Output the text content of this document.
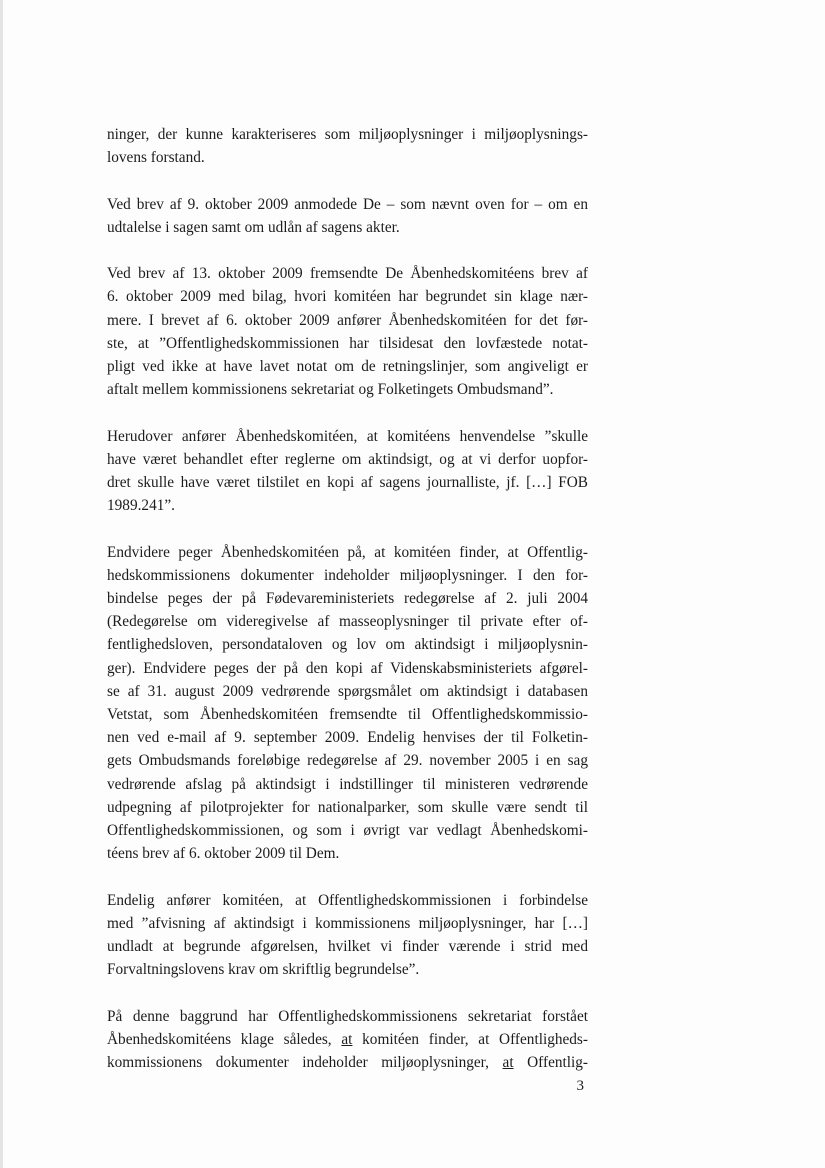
ninger, der kunne karakteriseres som miljøoplysninger i miljøoplysnings-
lovens forstand.

Ved brev af 9. oktober 2009 anmodede De – som nævnt oven for – om en
udtalelse i sagen samt om udlån af sagens akter.

Ved brev af 13. oktober 2009 fremsendte De Åbenhedskomitéens brev af
6. oktober 2009 med bilag, hvori komitéen har begrundet sin klage nær-
mere. I brevet af 6. oktober 2009 anfører Åbenhedskomitéen for det før-
ste, at ”Offentlighedskommissionen har tilsidesat den lovfæstede notat-
pligt ved ikke at have lavet notat om de retningslinjer, som angiveligt er
aftalt mellem kommissionens sekretariat og Folketingets Ombudsmand”.

Herudover anfører Åbenhedskomitéen, at komitéens henvendelse ”skulle
have været behandlet efter reglerne om aktindsigt, og at vi derfor uopfor-
dret skulle have været tilstilet en kopi af sagens journalliste, jf. […] FOB
1989.241”.

Endvidere peger Åbenhedskomitéen på, at komitéen finder, at Offentlig-
hedskommissionens dokumenter indeholder miljøoplysninger. I den for-
bindelse peges der på Fødevareministeriets redegørelse af 2. juli 2004
(Redegørelse om videregivelse af masseoplysninger til private efter of-
fentlighedsloven, persondataloven og lov om aktindsigt i miljøoplysnin-
ger). Endvidere peges der på den kopi af Videnskabsministeriets afgørel-
se af 31. august 2009 vedrørende spørgsmålet om aktindsigt i databasen
Vetstat, som Åbenhedskomitéen fremsendte til Offentlighedskommissio-
nen ved e-mail af 9. september 2009. Endelig henvises der til Folketin-
gets Ombudsmands foreløbige redegørelse af 29. november 2005 i en sag
vedrørende afslag på aktindsigt i indstillinger til ministeren vedrørende
udpegning af pilotprojekter for nationalparker, som skulle være sendt til
Offentlighedskommissionen, og som i øvrigt var vedlagt Åbenhedskomi-
téens brev af 6. oktober 2009 til Dem.

Endelig anfører komitéen, at Offentlighedskommissionen i forbindelse
med ”afvisning af aktindsigt i kommissionens miljøoplysninger, har […]
undladt at begrunde afgørelsen, hvilket vi finder værende i strid med
Forvaltningslovens krav om skriftlig begrundelse”.

På denne baggrund har Offentlighedskommissionens sekretariat forstået
Åbenhedskomitéens klage således, at komitéen finder, at Offentligheds-
kommissionens dokumenter indeholder miljøoplysninger, at Offentlig-

3
